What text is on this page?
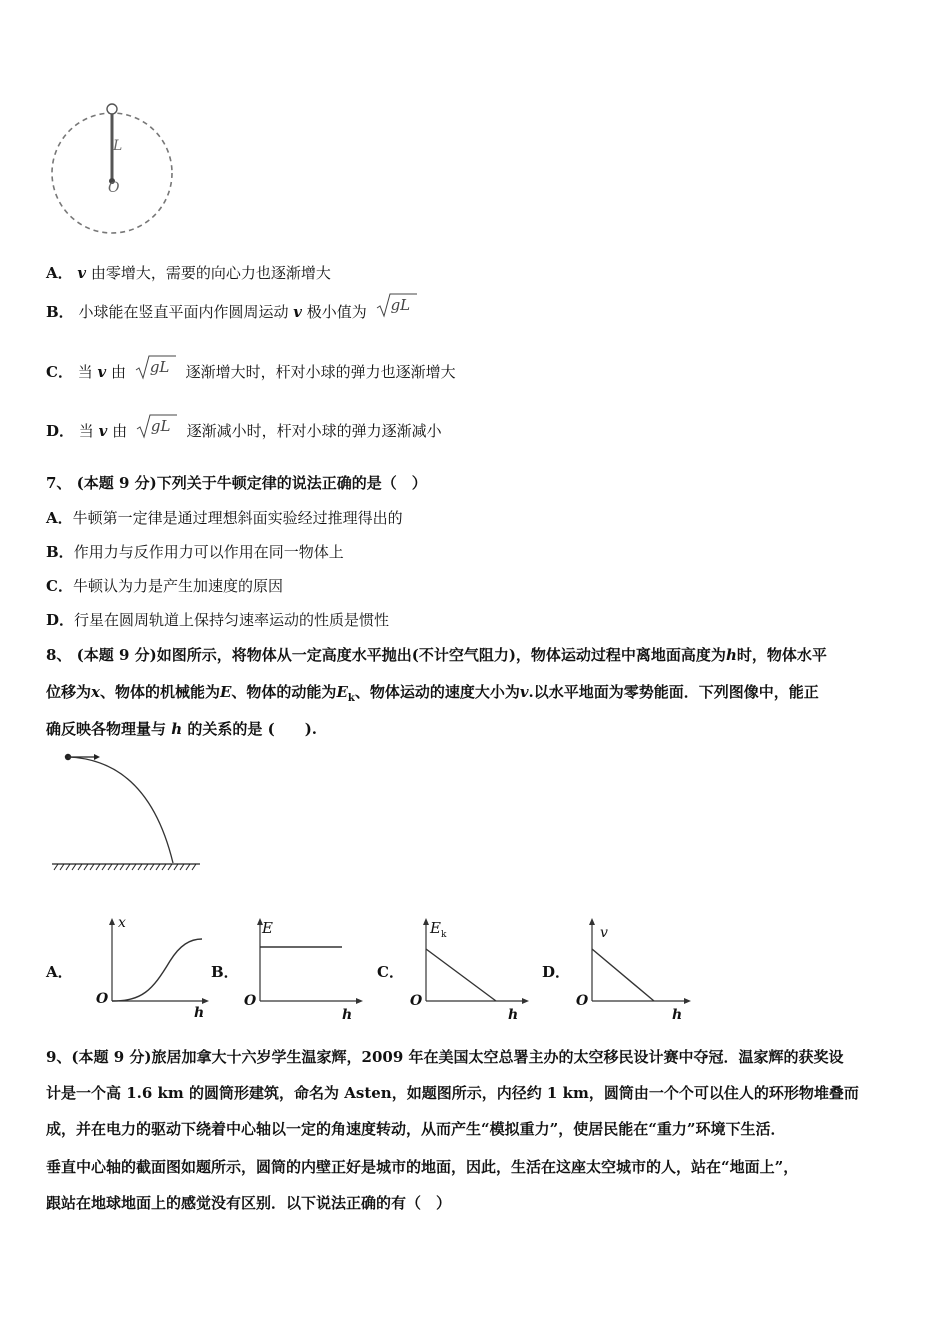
L
O
A． v 由零增大，需要的向心力也逐渐增大
B． 小球能在竖直平面内作圆周运动 v 极小值为 gL
C． 当 v 由 gL 逐渐增大时，杆对小球的弹力也逐渐增大
D． 当 v 由 gL 逐渐减小时，杆对小球的弹力逐渐减小
7、 (本题 9 分)下列关于牛顿定律的说法正确的是（　）
A．牛顿第一定律是通过理想斜面实验经过推理得出的
B．作用力与反作用力可以作用在同一物体上
C．牛顿认为力是产生加速度的原因
D．行星在圆周轨道上保持匀速率运动的性质是惯性
8、 (本题 9 分)如图所示，将物体从一定高度水平抛出(不计空气阻力)，物体运动过程中离地面高度为h时，物体水平
位移为x、物体的机械能为E、物体的动能为$E_k$、物体运动的速度大小为v.以水平地面为零势能面．下列图像中，能正
确反映各物理量与 h 的关系的是 (　　).
A．	B．	C．	D．
x
O
h
E
O
h
$E_k$
O
h
v
O
h
9、(本题 9 分)旅居加拿大十六岁学生温家辉，2009 年在美国太空总署主办的太空移民设计赛中夺冠．温家辉的获奖设
计是一个高 1.6 km 的圆筒形建筑，命名为 Asten，如题图所示，内径约 1 km，圆筒由一个个可以住人的环形物堆叠而
成，并在电力的驱动下绕着中心轴以一定的角速度转动，从而产生“模拟重力”，使居民能在“重力”环境下生活．
垂直中心轴的截面图如题所示，圆筒的内壁正好是城市的地面，因此，生活在这座太空城市的人，站在“地面上”，
跟站在地球地面上的感觉没有区别．以下说法正确的有（　）
